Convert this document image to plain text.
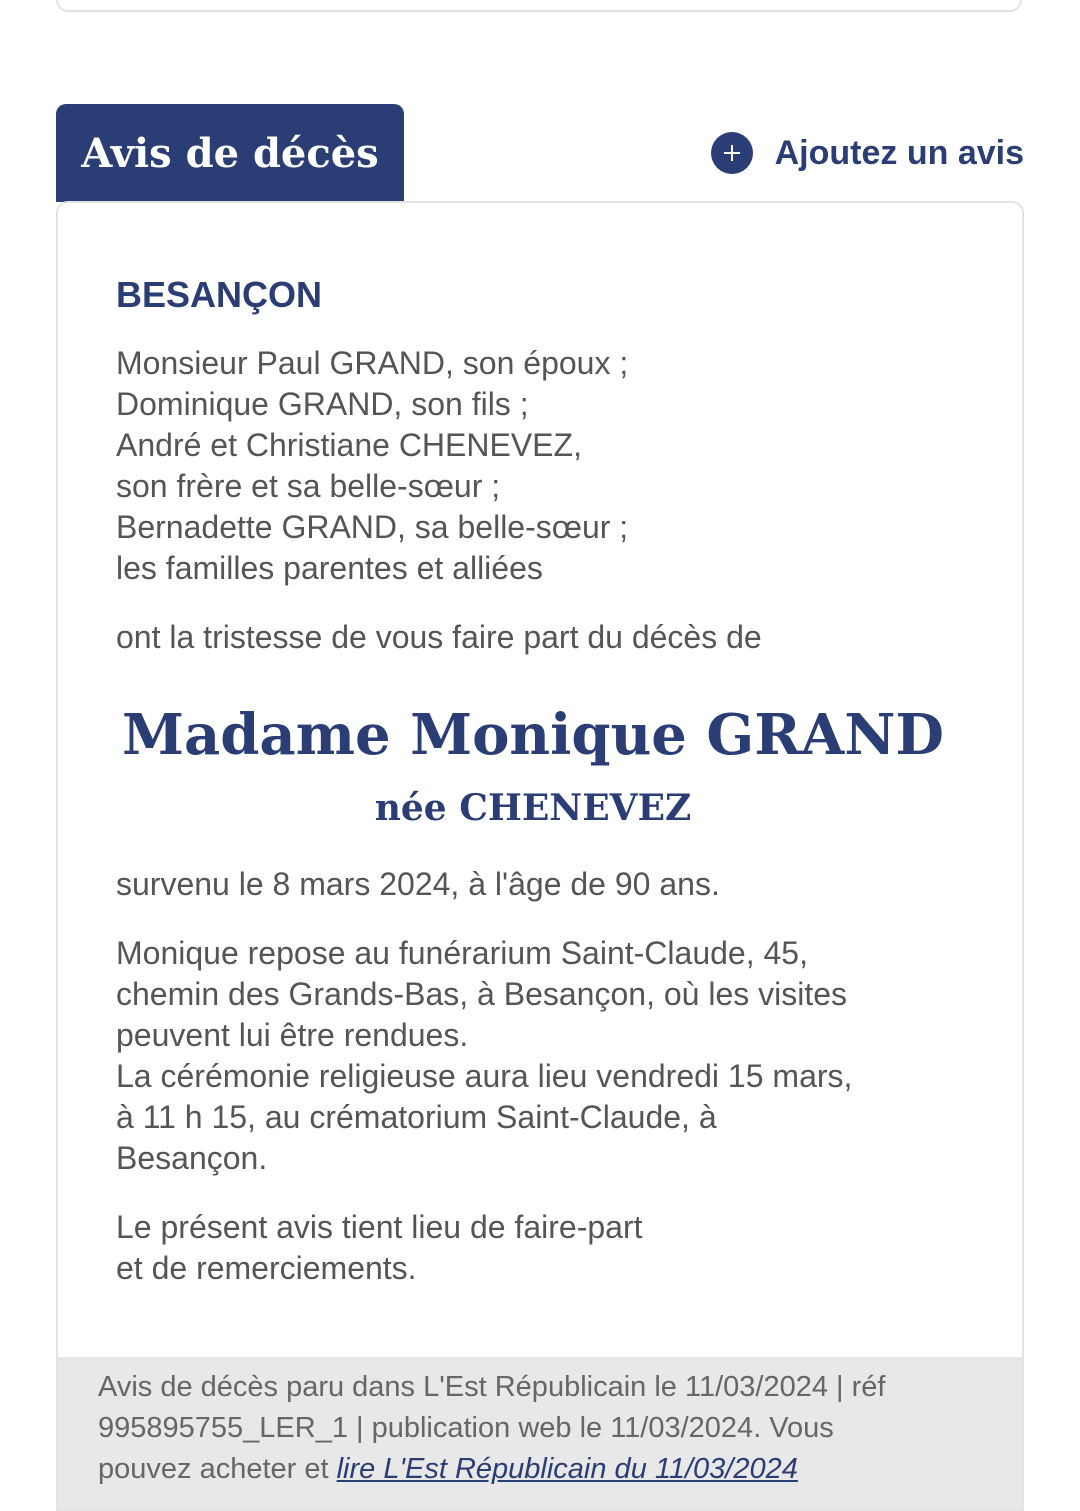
Avis de décès	Ajoutez un avis
BESANÇON
Monsieur Paul GRAND, son époux ;
Dominique GRAND, son fils ;
André et Christiane CHENEVEZ,
son frère et sa belle-sœur ;
Bernadette GRAND, sa belle-sœur ;
les familles parentes et alliées
ont la tristesse de vous faire part du décès de
Madame Monique GRAND
née CHENEVEZ
survenu le 8 mars 2024, à l'âge de 90 ans.
Monique repose au funérarium Saint-Claude, 45,
chemin des Grands-Bas, à Besançon, où les visites
peuvent lui être rendues.
La cérémonie religieuse aura lieu vendredi 15 mars,
à 11 h 15, au crématorium Saint-Claude, à
Besançon.
Le présent avis tient lieu de faire-part
et de remerciements.
Avis de décès paru dans L'Est Républicain le 11/03/2024 | réf
995895755_LER_1 | publication web le 11/03/2024. Vous
pouvez acheter et lire L'Est Républicain du 11/03/2024
